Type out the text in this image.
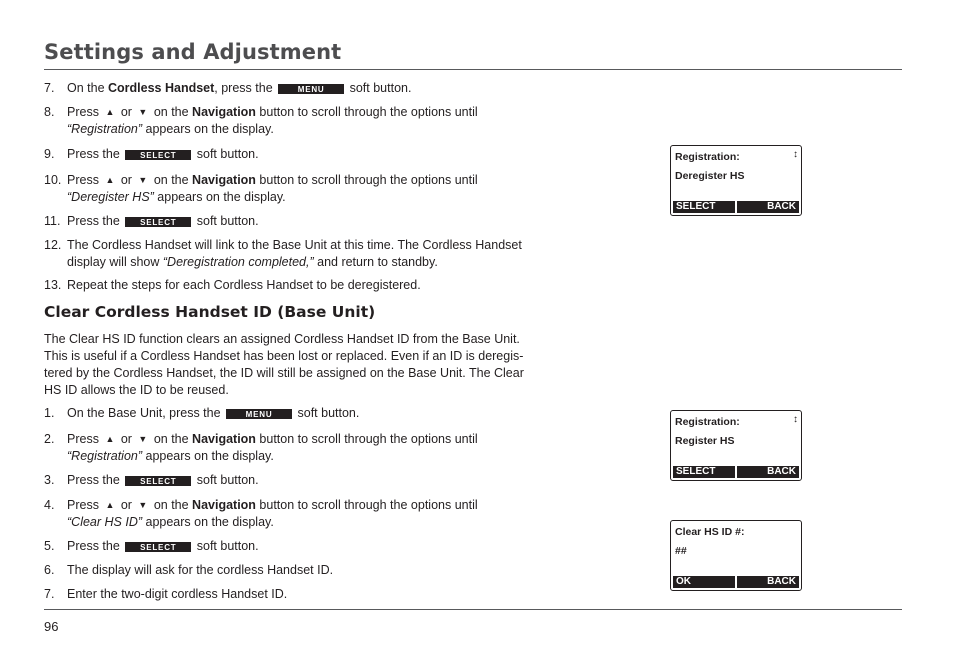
Settings and Adjustment
7.	On the Cordless Handset, press the	MENU soft button.
8.	Press ▲ or ▼ on the Navigation button to scroll through the options until
“Registration” appears on the display.
9.	Press the SELECT soft button.
10. Press ▲ or ▼ on the Navigation button to scroll through the options until
“Deregister HS” appears on the display.
11. Press the SELECT soft button.
12. The Cordless Handset will link to the Base Unit at this time. The Cordless Handset
display will show “Deregistration completed,” and return to standby.
13. Repeat the steps for each Cordless Handset to be deregistered.
Clear Cordless Handset ID (Base Unit)

The Clear HS ID function clears an assigned Cordless Handset ID from the Base Unit.
This is useful if a Cordless Handset has been lost or replaced. Even if an ID is deregis-
tered by the Cordless Handset, the ID will still be assigned on the Base Unit. The Clear
HS ID allows the ID to be reused.

1.	On the Base Unit, press the	MENU soft button.
2.	Press ▲ or ▼ on the Navigation button to scroll through the options until
“Registration” appears on the display.
3.	Press the SELECT soft button.
4.	Press ▲ or ▼ on the Navigation button to scroll through the options until
“Clear HS ID” appears on the display.
5.	Press the SELECT soft button.
6.	The display will ask for the cordless Handset ID.
7.	Enter the two-digit cordless Handset ID.
Registration:	↕
Deregister HS
SELECT	BACK
Registration:	↕
Register HS
SELECT	BACK
Clear HS ID #:
##
OK	BACK
96
